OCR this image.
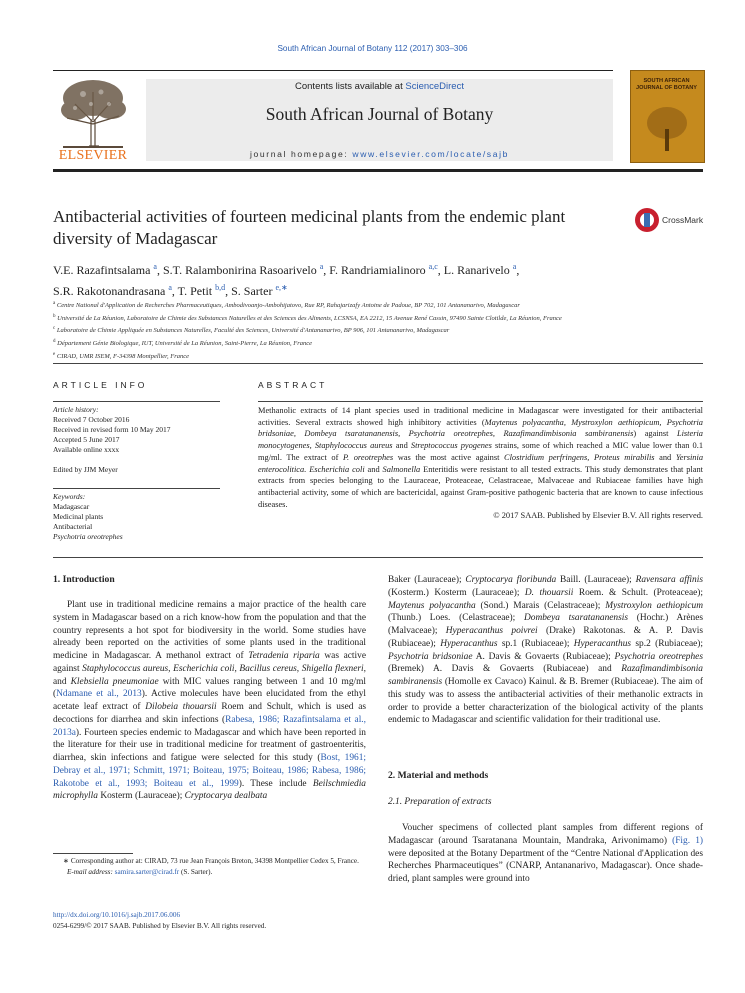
South African Journal of Botany 112 (2017) 303–306
ELSEVIER
Contents lists available at ScienceDirect
South African Journal of Botany
journal homepage: www.elsevier.com/locate/sajb
SOUTH AFRICAN JOURNAL OF BOTANY
Antibacterial activities of fourteen medicinal plants from the endemic plant diversity of Madagascar
CrossMark
V.E. Razafintsalama $^a$, S.T. Ralambonirina Rasoarivelo $^a$, F. Randriamialinoro $^{a,c}$, L. Ranarivelo $^a$,
S.R. Rakotonandrasana $^a$, T. Petit $^{b,d}$, S. Sarter $^{e,∗}$
$^a$ Centre National d'Application de Recherches Pharmaceutiques, Ambodivoanjo-Ambohijatovo, Rue RP, Rahajarizafy Antoine de Padoue, BP 702, 101 Antananarivo, Madagascar
$^b$ Université de La Réunion, Laboratoire de Chimie des Substances Naturelles et des Sciences des Aliments, LCSNSA, EA 2212, 15 Avenue René Cassin, 97490 Sainte Clotilde, La Réunion, France
$^c$ Laboratoire de Chimie Appliquée en Substances Naturelles, Faculté des Sciences, Université d'Antananarivo, BP 906, 101 Antananarivo, Madagascar
$^d$ Département Génie Biologique, IUT, Université de La Réunion, Saint-Pierre, La Réunion, France
$^e$ CIRAD, UMR ISEM, F-34398 Montpellier, France
ARTICLE INFO
Article history:
Received 7 October 2016
Received in revised form 10 May 2017
Accepted 5 June 2017
Available online xxxx
Edited by JJM Meyer
Keywords:
Madagascar
Medicinal plants
Antibacterial
Psychotria oreotrephes
ABSTRACT
Methanolic extracts of 14 plant species used in traditional medicine in Madagascar were investigated for their antibacterial activities. Several extracts showed high inhibitory activities (Maytenus polyacantha, Mystroxylon aethiopicum, Psychotria bridsoniae, Dombeya tsaratananensis, Psychotria oreotrephes, Razafimandimbisonia sambiranensis) against Listeria monocytogenes, Staphylococcus aureus and Streptococcus pyogenes strains, some of which reached a MIC value lower than 0.1 mg/ml. The extract of P. oreotrephes was the most active against Clostridium perfringens, Proteus mirabilis and Yersinia enterocolitica. Escherichia coli and Salmonella Enteritidis were resistant to all tested extracts. This study demonstrates that plant extracts from species belonging to the Lauraceae, Proteaceae, Celastraceae, Malvaceae and Rubiaceae families have high antibacterial activity, some of which are bactericidal, against Gram-positive pathogenic bacteria that are known to cause infectious diseases.
© 2017 SAAB. Published by Elsevier B.V. All rights reserved.
1. Introduction
Plant use in traditional medicine remains a major practice of the health care system in Madagascar based on a rich know-how from the population and that the country represents a hot spot for biodiversity in the world. Some studies have already been reported on the activities of some plants used in the traditional medicine in Madagascar. A methanol extract of Tetradenia riparia was active against Staphylococcus aureus, Escherichia coli, Bacillus cereus, Shigella flexneri, and Klebsiella pneumoniae with MIC values ranging between 1 and 10 mg/ml (Ndamane et al., 2013). Active molecules have been elucidated from the ethyl acetate leaf extract of Dilobeia thouarsii Roem and Schult, which is used as decoctions for diarrhea and skin infections (Rabesa, 1986; Razafintsalama et al., 2013a). Fourteen species endemic to Madagascar and which have been reported in the literature for their use in traditional medicine for treatment of gastroenteritis, diarrhea, skin infections and fatigue were selected for this study (Bost, 1961; Debray et al., 1971; Schmitt, 1971; Boiteau, 1975; Boiteau, 1986; Rabesa, 1986; Rakotobe et al., 1993; Boiteau et al., 1999). These include Beilschmiedia microphylla Kosterm (Lauraceae); Cryptocarya dealbata
Baker (Lauraceae); Cryptocarya floribunda Baill. (Lauraceae); Ravensara affinis (Kosterm.) Kosterm (Lauraceae); D. thouarsii Roem. & Schult. (Proteaceae); Maytenus polyacantha (Sond.) Marais (Celastraceae); Mystroxylon aethiopicum (Thunb.) Loes. (Celastraceae); Dombeya tsaratananensis (Hochr.) Arènes (Malvaceae); Hyperacanthus poivrei (Drake) Rakotonas. & A. P. Davis (Rubiaceae); Hyperacanthus sp.1 (Rubiaceae); Hyperacanthus sp.2 (Rubiaceae); Psychotria bridsoniae A. Davis & Govaerts (Rubiaceae); Psychotria oreotrephes (Bremek) A. Davis & Govaerts (Rubiaceae) and Razafimandimbisonia sambiranensis (Homolle ex Cavaco) Kainul. & B. Bremer (Rubiaceae). The aim of this study was to assess the antibacterial activities of their methanolic extracts in order to provide a better characterization of the biological activity of the plants endemic to Madagascar and scientific validation for their traditional use.
2. Material and methods
2.1. Preparation of extracts
Voucher specimens of collected plant samples from different regions of Madagascar (around Tsaratanana Mountain, Mandraka, Arivonimamo) (Fig. 1) were deposited at the Botany Department of the “Centre National d'Application des Recherches Pharmaceutiques” (CNARP, Antananarivo, Madagascar). Once shade-dried, plant samples were ground into
∗ Corresponding author at: CIRAD, 73 rue Jean François Breton, 34398 Montpellier Cedex 5, France.
E-mail address: samira.sarter@cirad.fr (S. Sarter).
http://dx.doi.org/10.1016/j.sajb.2017.06.006
0254-6299/© 2017 SAAB. Published by Elsevier B.V. All rights reserved.
